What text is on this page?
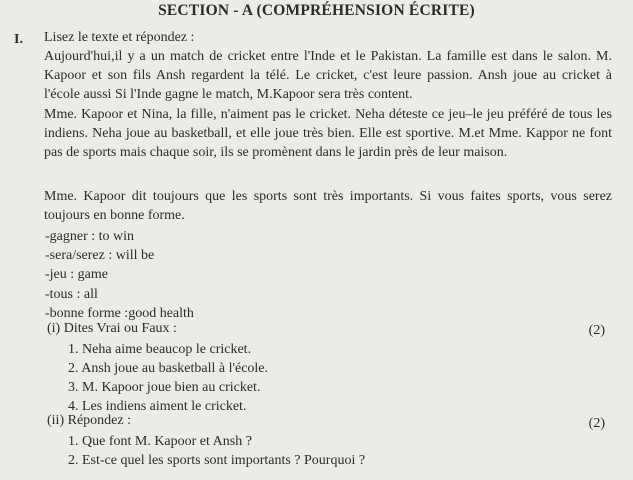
SECTION - A (COMPRÉHENSION ÉCRITE)
I. Lisez le texte et répondez :

Aujourd'hui,il y a un match de cricket entre l'Inde et le Pakistan. La famille est dans le salon. M. Kapoor et son fils Ansh regardent la télé. Le cricket, c'est leure passion. Ansh joue au cricket à l'école aussi Si l'Inde gagne le match, M.Kapoor sera très content.

Mme. Kapoor et Nina, la fille, n'aiment pas le cricket. Neha déteste ce jeu–le jeu préféré de tous les indiens. Neha joue au basketball, et elle joue très bien. Elle est sportive. M.et Mme. Kappor ne font pas de sports mais chaque soir, ils se promènent dans le jardin près de leur maison.

Mme. Kapoor dit toujours que les sports sont très importants. Si vous faites sports, vous serez toujours en bonne forme.

-gagner : to win
-sera/serez : will be
-jeu : game
-tous : all
-bonne forme :good health
(i) Dites Vrai ou Faux :	(2)
1. Neha aime beaucop le cricket.
2. Ansh joue au basketball à l'école.
3. M. Kapoor joue bien au cricket.
4. Les indiens aiment le cricket.
(ii) Répondez :	(2)
1. Que font M. Kapoor et Ansh ?
2. Est-ce quel les sports sont importants ? Pourquoi ?
